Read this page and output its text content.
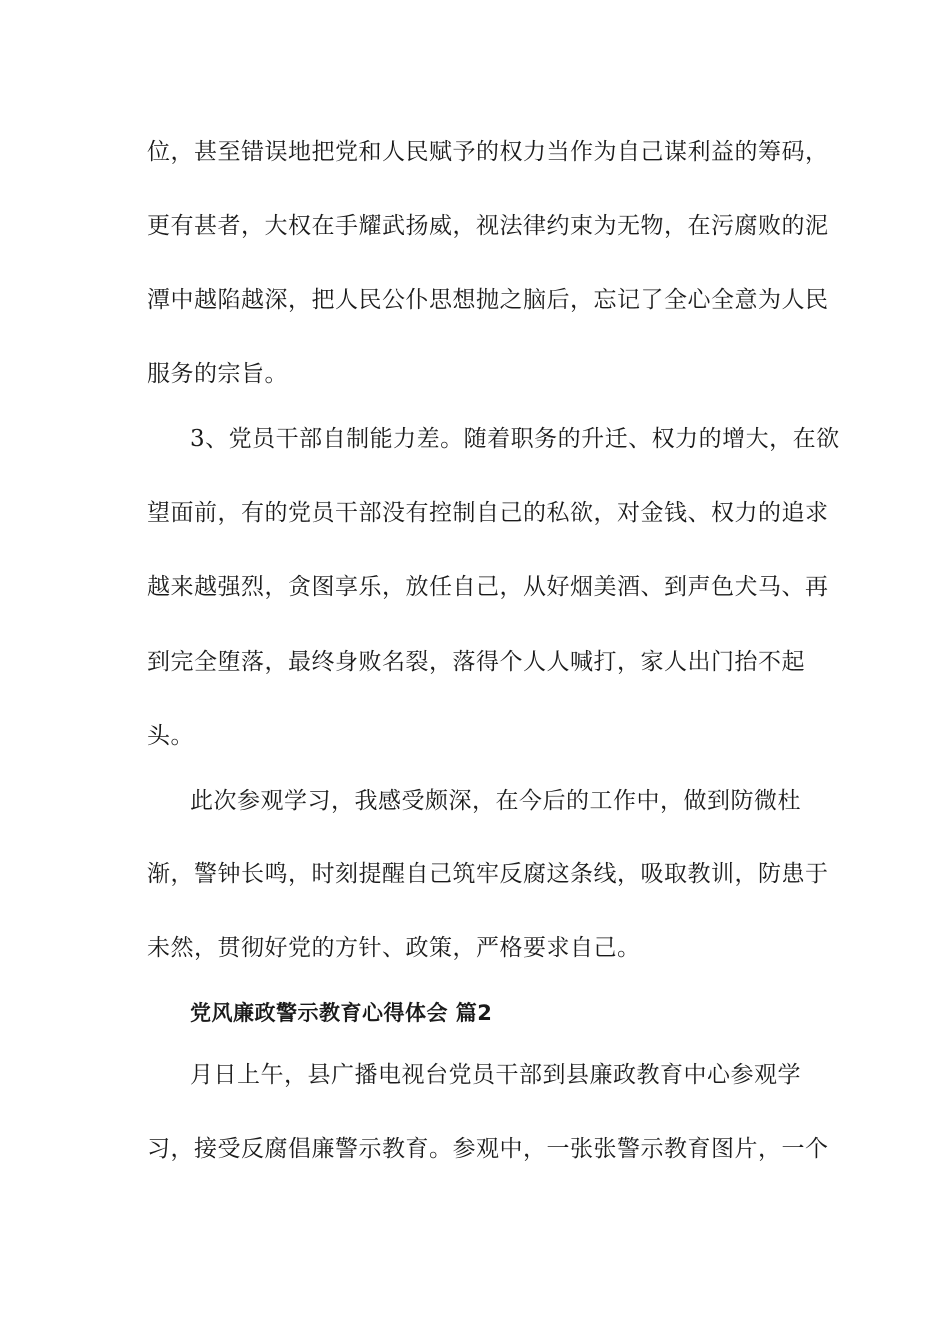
位，甚至错误地把党和人民赋予的权力当作为自己谋利益的筹码，
更有甚者，大权在手耀武扬威，视法律约束为无物，在污腐败的泥
潭中越陷越深，把人民公仆思想抛之脑后，忘记了全心全意为人民
服务的宗旨。
3、党员干部自制能力差。随着职务的升迁、权力的增大，在欲
望面前，有的党员干部没有控制自己的私欲，对金钱、权力的追求
越来越强烈，贪图享乐，放任自己，从好烟美酒、到声色犬马、再
到完全堕落，最终身败名裂，落得个人人喊打，家人出门抬不起
头。
此次参观学习，我感受颇深，在今后的工作中，做到防微杜
渐，警钟长鸣，时刻提醒自己筑牢反腐这条线，吸取教训，防患于
未然，贯彻好党的方针、政策，严格要求自己。
党风廉政警示教育心得体会 篇2
月日上午，县广播电视台党员干部到县廉政教育中心参观学
习，接受反腐倡廉警示教育。参观中，一张张警示教育图片，一个
